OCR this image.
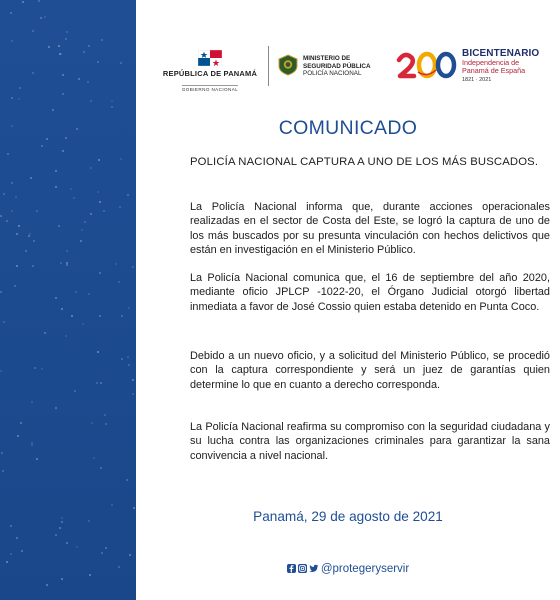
REPÚBLICA DE PANAMÁ
GOBIERNO NACIONAL
MINISTERIO DE
SEGURIDAD PÚBLICA
POLICÍA NACIONAL
BICENTENARIO
Independencia de
Panamá de España
1821 · 2021
COMUNICADO
POLICÍA NACIONAL CAPTURA A UNO DE LOS MÁS BUSCADOS.
La Policía Nacional informa que, durante acciones operacionales realizadas en el sector de Costa del Este, se logró la captura de uno de los más buscados por su presunta vinculación con hechos delictivos que están en investigación en el Ministerio Público.
La Policía Nacional comunica que, el 16 de septiembre del año 2020, mediante oficio JPLCP -1022-20, el Órgano Judicial otorgó libertad inmediata a favor de José Cossio quien estaba detenido en Punta Coco.
Debido a un nuevo oficio, y a solicitud del Ministerio Público, se procedió con la captura correspondiente y será un juez de garantías quien determine lo que en cuanto a derecho corresponda.
La Policía Nacional reafirma su compromiso con la seguridad ciudadana y su lucha contra las organizaciones criminales para garantizar la sana convivencia a nivel nacional.
Panamá, 29 de agosto de 2021
@protegeryservir
